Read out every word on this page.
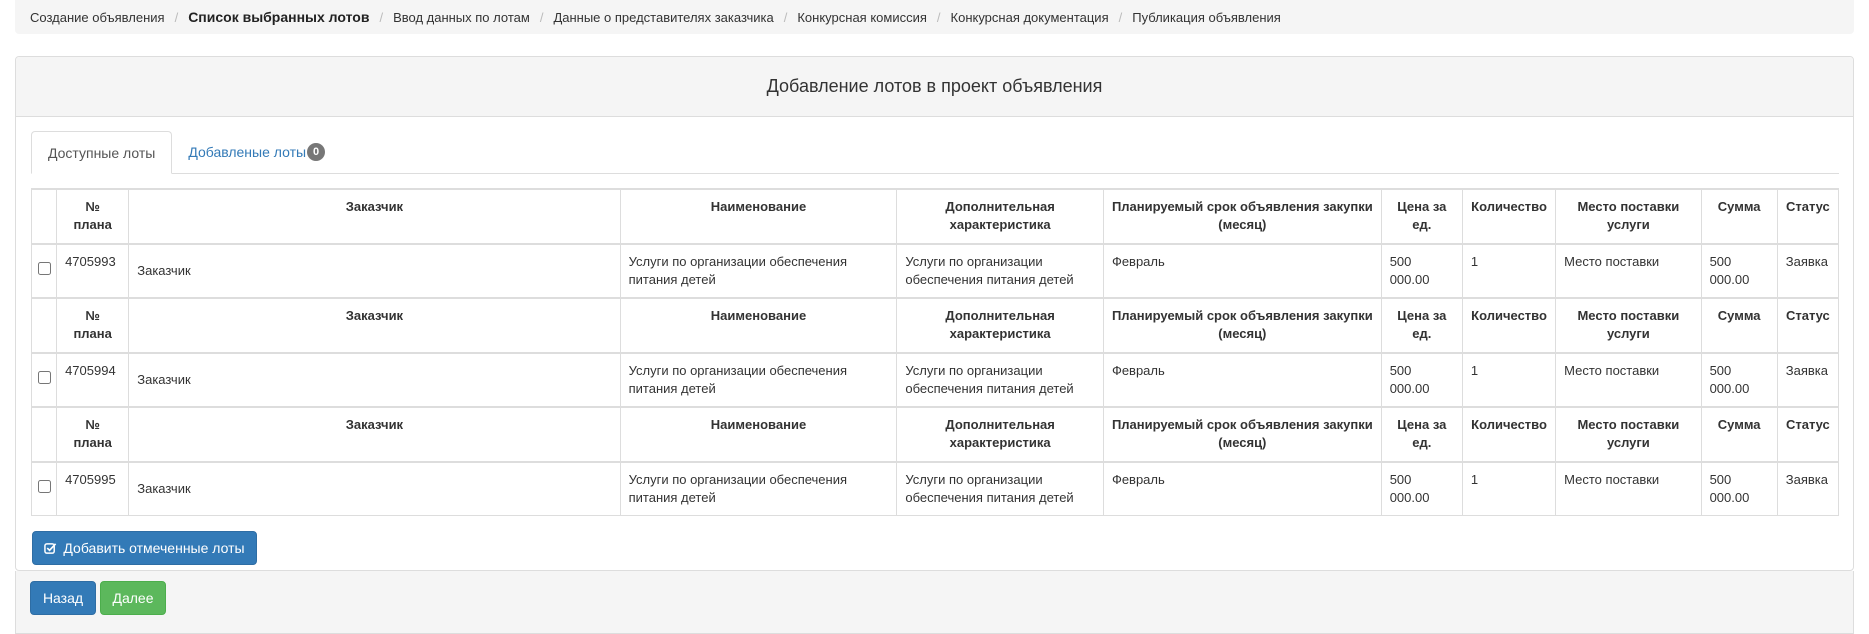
Создание объявления / Список выбранных лотов / Ввод данных по лотам / Данные о представителях заказчика / Конкурсная комиссия / Конкурсная документация / Публикация объявления
Добавление лотов в проект объявления
Доступные лоты Добавленые лоты 0
	№ плана	Заказчик	Наименование	Дополнительная характеристика	Планируемый срок объявления закупки (месяц)	Цена за ед.	Количество	Место поставки услуги	Сумма	Статус
	4705993	Заказчик	Услуги по организации обеспечения питания детей	Услуги по организации обеспечения питания детей	Февраль	500 000.00	1	Место поставки	500 000.00	Заявка
	№ плана	Заказчик	Наименование	Дополнительная характеристика	Планируемый срок объявления закупки (месяц)	Цена за ед.	Количество	Место поставки услуги	Сумма	Статус
	4705994	Заказчик	Услуги по организации обеспечения питания детей	Услуги по организации обеспечения питания детей	Февраль	500 000.00	1	Место поставки	500 000.00	Заявка
	№ плана	Заказчик	Наименование	Дополнительная характеристика	Планируемый срок объявления закупки (месяц)	Цена за ед.	Количество	Место поставки услуги	Сумма	Статус
	4705995	Заказчик	Услуги по организации обеспечения питания детей	Услуги по организации обеспечения питания детей	Февраль	500 000.00	1	Место поставки	500 000.00	Заявка
Добавить отмеченные лоты
Назад	Далее
